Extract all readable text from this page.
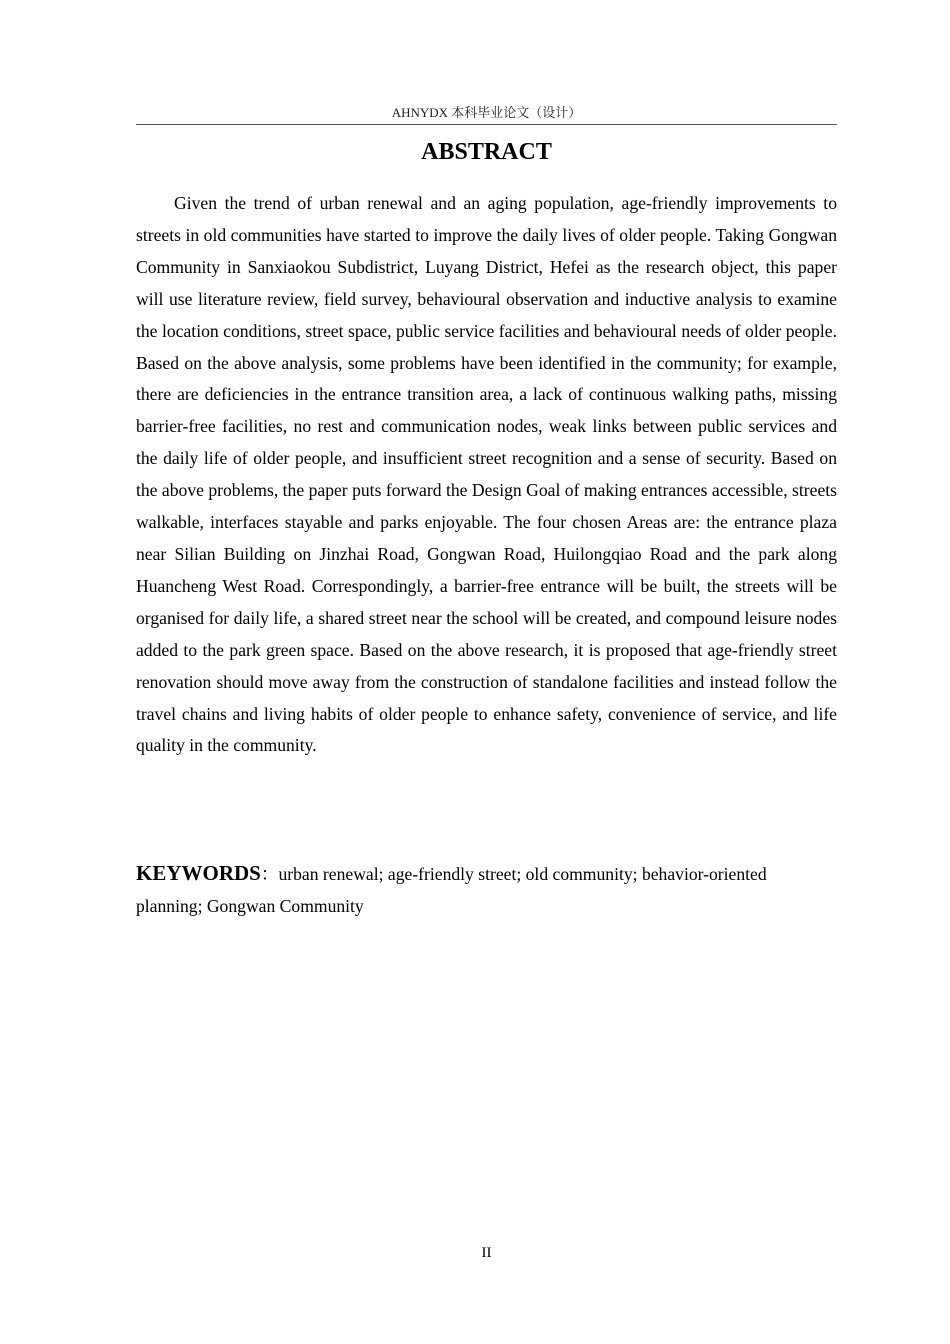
AHNYDX 本科毕业论文（设计）
ABSTRACT

Given the trend of urban renewal and an aging population, age-friendly improvements to streets in old communities have started to improve the daily lives of older people. Taking Gongwan Community in Sanxiaokou Subdistrict, Luyang District, Hefei as the research object, this paper will use literature review, field survey, behavioural observation and inductive analysis to examine the location conditions, street space, public service facilities and behavioural needs of older people. Based on the above analysis, some problems have been identified in the community; for example, there are deficiencies in the entrance transition area, a lack of continuous walking paths, missing barrier-free facilities, no rest and communication nodes, weak links between public services and the daily life of older people, and insufficient street recognition and a sense of security. Based on the above problems, the paper puts forward the Design Goal of making entrances accessible, streets walkable, interfaces stayable and parks enjoyable. The four chosen Areas are: the entrance plaza near Silian Building on Jinzhai Road, Gongwan Road, Huilongqiao Road and the park along Huancheng West Road. Correspondingly, a barrier-free entrance will be built, the streets will be organised for daily life, a shared street near the school will be created, and compound leisure nodes added to the park green space. Based on the above research, it is proposed that age-friendly street renovation should move away from the construction of standalone facilities and instead follow the travel chains and living habits of older people to enhance safety, convenience of service, and life quality in the community.

KEYWORDS：urban renewal; age-friendly street; old community; behavior-oriented planning; Gongwan Community

II
